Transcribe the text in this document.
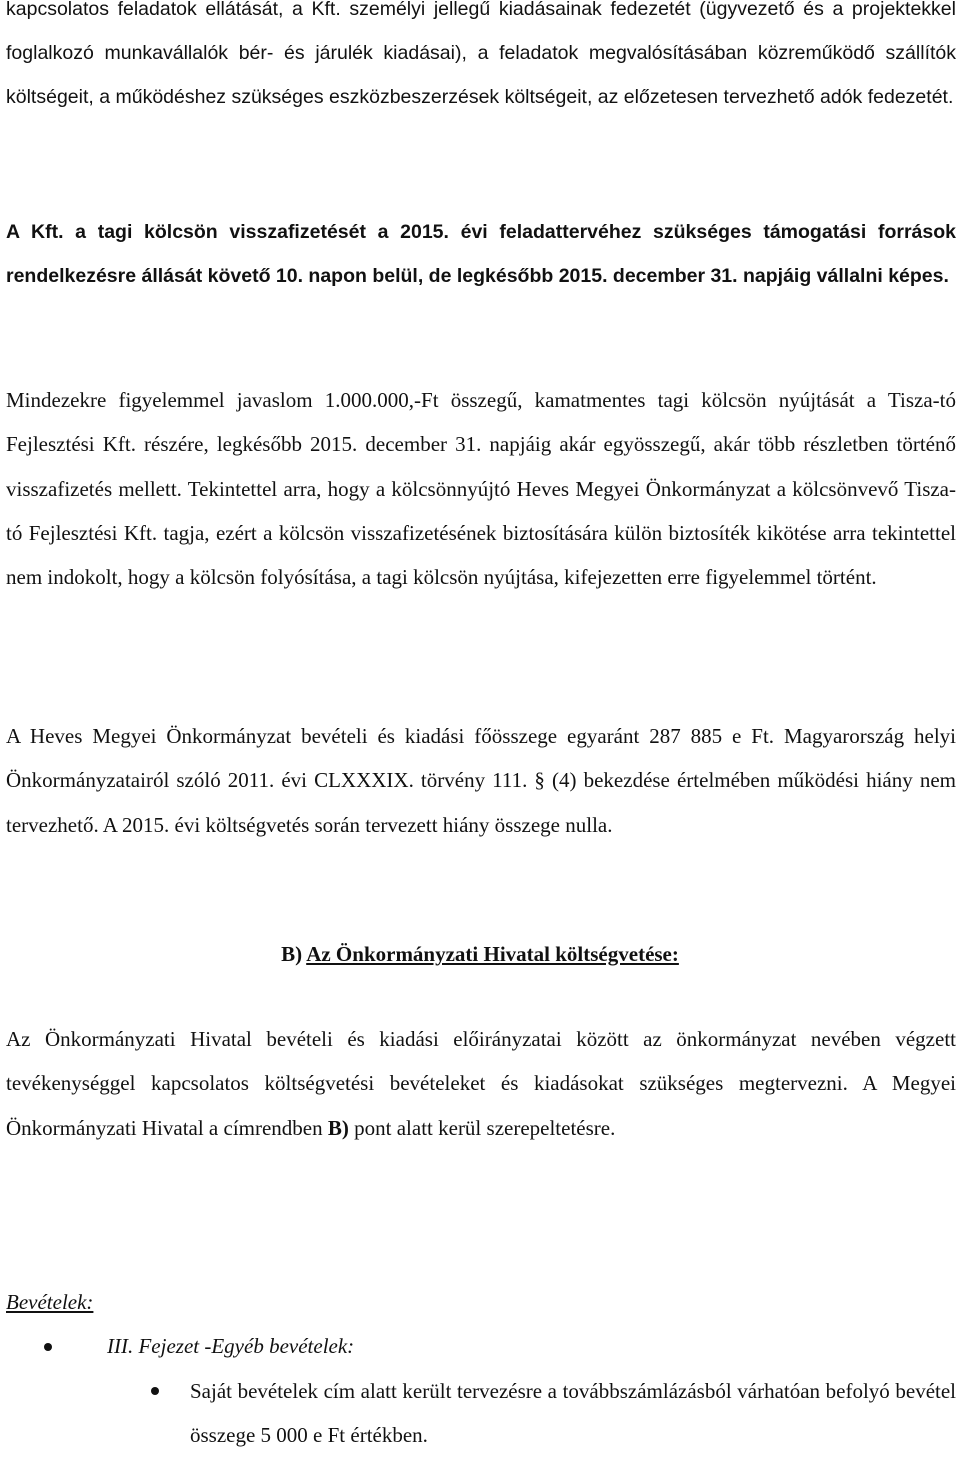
kapcsolatos feladatok ellátását, a Kft. személyi jellegű kiadásainak fedezetét (ügyvezető és a projektekkel foglalkozó munkavállalók bér- és járulék kiadásai), a feladatok megvalósításában közreműködő szállítók költségeit, a működéshez szükséges eszközbeszerzések költségeit, az előzetesen tervezhető adók fedezetét.

A Kft. a tagi kölcsön visszafizetését a 2015. évi feladattervéhez szükséges támogatási források rendelkezésre állását követő 10. napon belül, de legkésőbb 2015. december 31. napjáig vállalni képes.

Mindezekre figyelemmel javaslom 1.000.000,-Ft összegű, kamatmentes tagi kölcsön nyújtását a Tisza-tó Fejlesztési Kft. részére, legkésőbb 2015. december 31. napjáig akár egyösszegű, akár több részletben történő visszafizetés mellett. Tekintettel arra, hogy a kölcsönnyújtó Heves Megyei Önkormányzat a kölcsönvevő Tisza-tó Fejlesztési Kft. tagja, ezért a kölcsön visszafizetésének biztosítására külön biztosíték kikötése arra tekintettel nem indokolt, hogy a kölcsön folyósítása, a tagi kölcsön nyújtása, kifejezetten erre figyelemmel történt.

A Heves Megyei Önkormányzat bevételi és kiadási főösszege egyaránt 287 885 e Ft. Magyarország helyi Önkormányzatairól szóló 2011. évi CLXXXIX. törvény 111. § (4) bekezdése értelmében működési hiány nem tervezhető. A 2015. évi költségvetés során tervezett hiány összege nulla.

B) Az Önkormányzati Hivatal költségvetése:

Az Önkormányzati Hivatal bevételi és kiadási előirányzatai között az önkormányzat nevében végzett tevékenységgel kapcsolatos költségvetési bevételeket és kiadásokat szükséges megtervezni. A Megyei Önkormányzati Hivatal a címrendben B) pont alatt kerül szerepeltetésre.

Bevételek:
III. Fejezet -Egyéb bevételek:

Saját bevételek cím alatt került tervezésre a továbbszámlázásból várhatóan befolyó bevétel összege 5 000 e Ft értékben.
